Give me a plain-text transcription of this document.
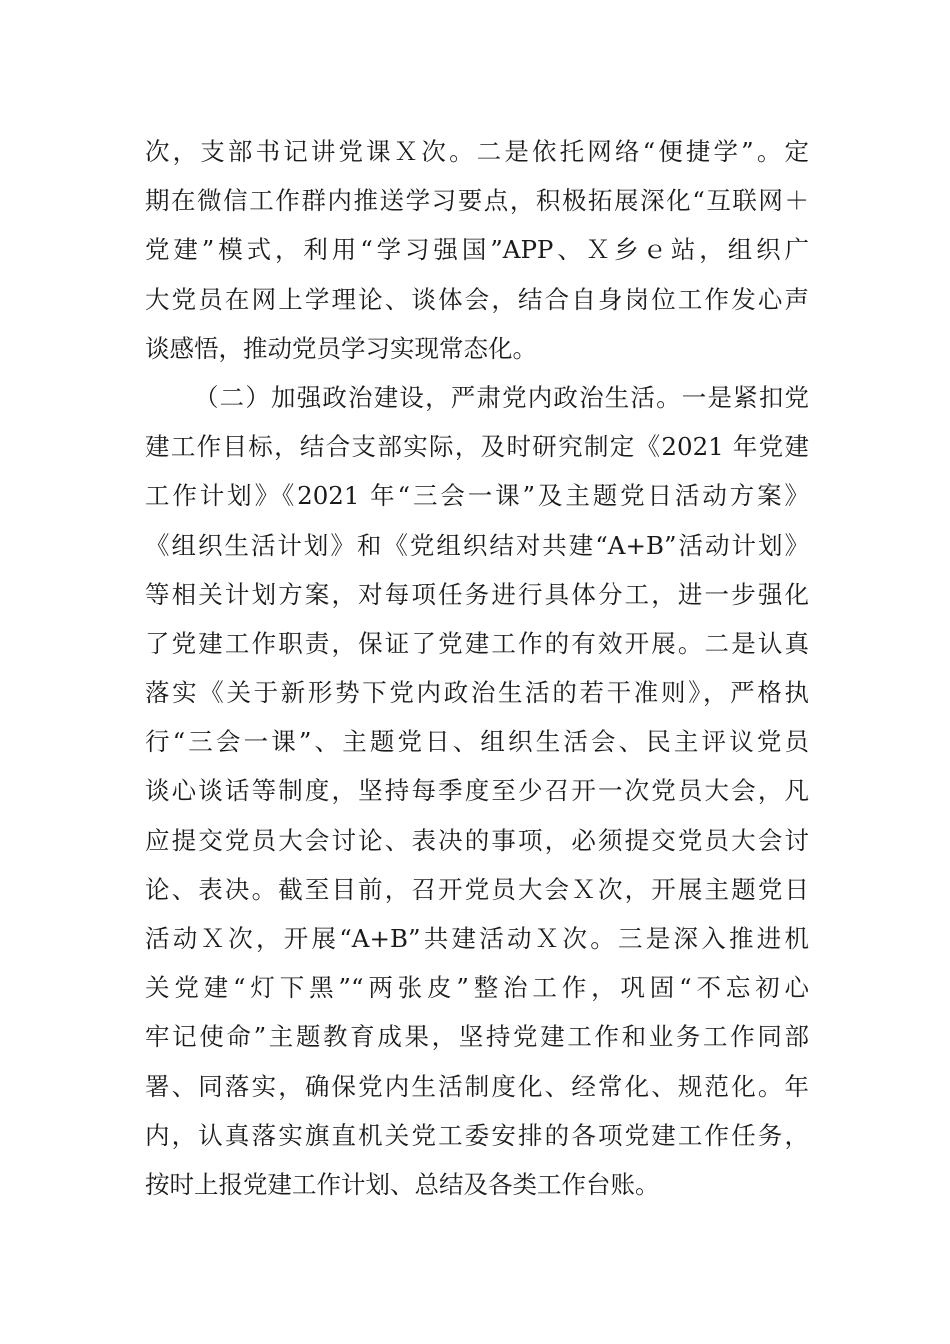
次，支部书记讲党课Ｘ次。二是依托网络“便捷学”。定
期在微信工作群内推送学习要点，积极拓展深化“互联网＋
党建”模式，利用“学习强国”APP、Ｘ乡ｅ站，组织广
大党员在网上学理论、谈体会，结合自身岗位工作发心声
谈感悟，推动党员学习实现常态化。
（二）加强政治建设，严肃党内政治生活。一是紧扣党
建工作目标，结合支部实际，及时研究制定《2021 年党建
工作计划》《2021 年“三会一课”及主题党日活动方案》
《组织生活计划》和《党组织结对共建“A+B”活动计划》
等相关计划方案，对每项任务进行具体分工，进一步强化
了党建工作职责，保证了党建工作的有效开展。二是认真
落实《关于新形势下党内政治生活的若干准则》，严格执
行“三会一课”、主题党日、组织生活会、民主评议党员
谈心谈话等制度，坚持每季度至少召开一次党员大会，凡
应提交党员大会讨论、表决的事项，必须提交党员大会讨
论、表决。截至目前，召开党员大会Ｘ次，开展主题党日
活动Ｘ次，开展“A+B”共建活动Ｘ次。三是深入推进机
关党建“灯下黑”“两张皮”整治工作，巩固“不忘初心
牢记使命”主题教育成果，坚持党建工作和业务工作同部
署、同落实，确保党内生活制度化、经常化、规范化。年
内，认真落实旗直机关党工委安排的各项党建工作任务，
按时上报党建工作计划、总结及各类工作台账。
